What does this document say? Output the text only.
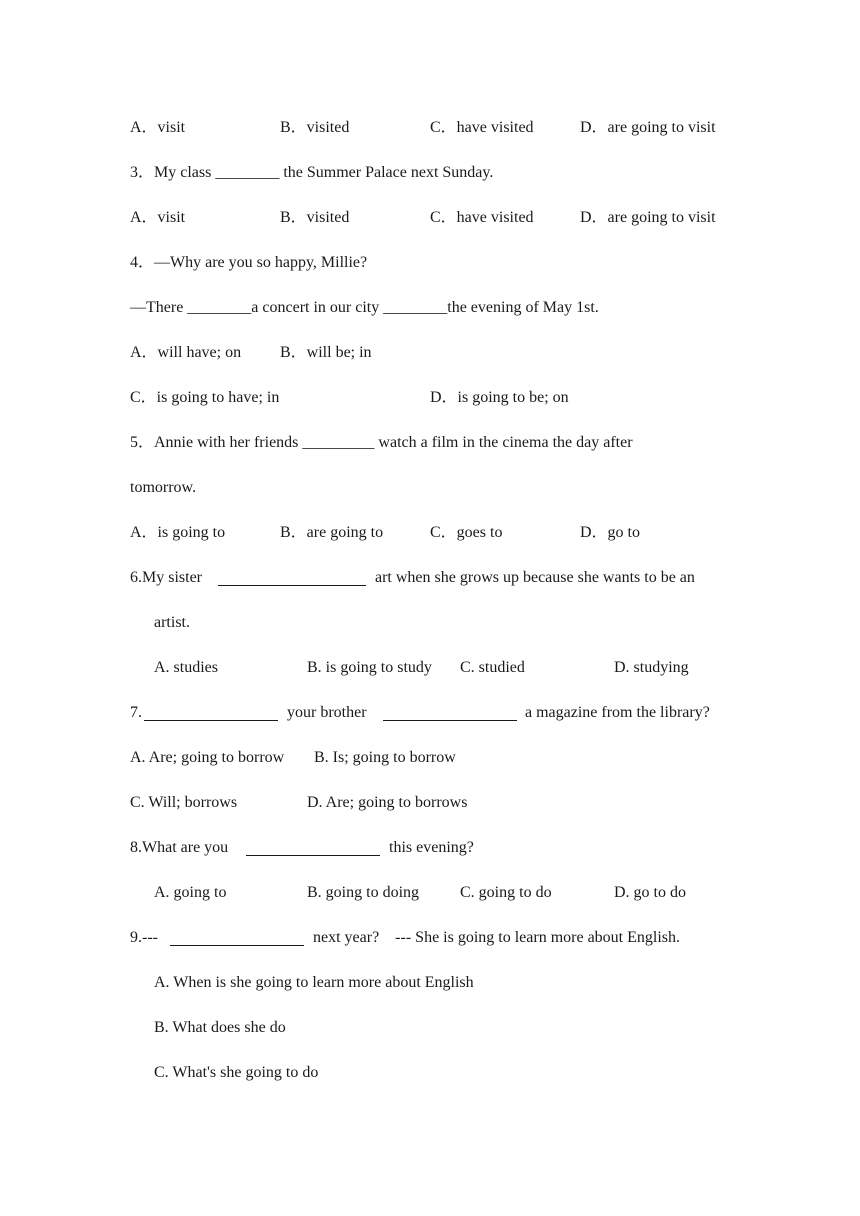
A．visit	B．visited	C．have visited	D．are going to visit
3．My class ________ the Summer Palace next Sunday.
A．visit	B．visited	C．have visited	D．are going to visit
4．—Why are you so happy, Millie?
—There ________a concert in our city ________the evening of May 1st.
A．will have; on B．will be; in
C．is going to have; in	D．is going to be; on
5．Annie with her friends _________ watch a film in the cinema the day after
tomorrow.
A．is going to	B．are going to	C．goes to	D．go to
6.My sister	art when she grows up because she wants to be an
artist.
A. studies	B. is going to study C. studied	D. studying
7.	your brother	a magazine from the library?
A. Are; going to borrow B. Is; going to borrow
C. Will; borrows	D. Are; going to borrows
8.What are you	this evening?
A. going to	B. going to doing	C. going to do	D. go to do
9.---	next year?    --- She is going to learn more about English.
A. When is she going to learn more about English
B. What does she do
C. What's she going to do
